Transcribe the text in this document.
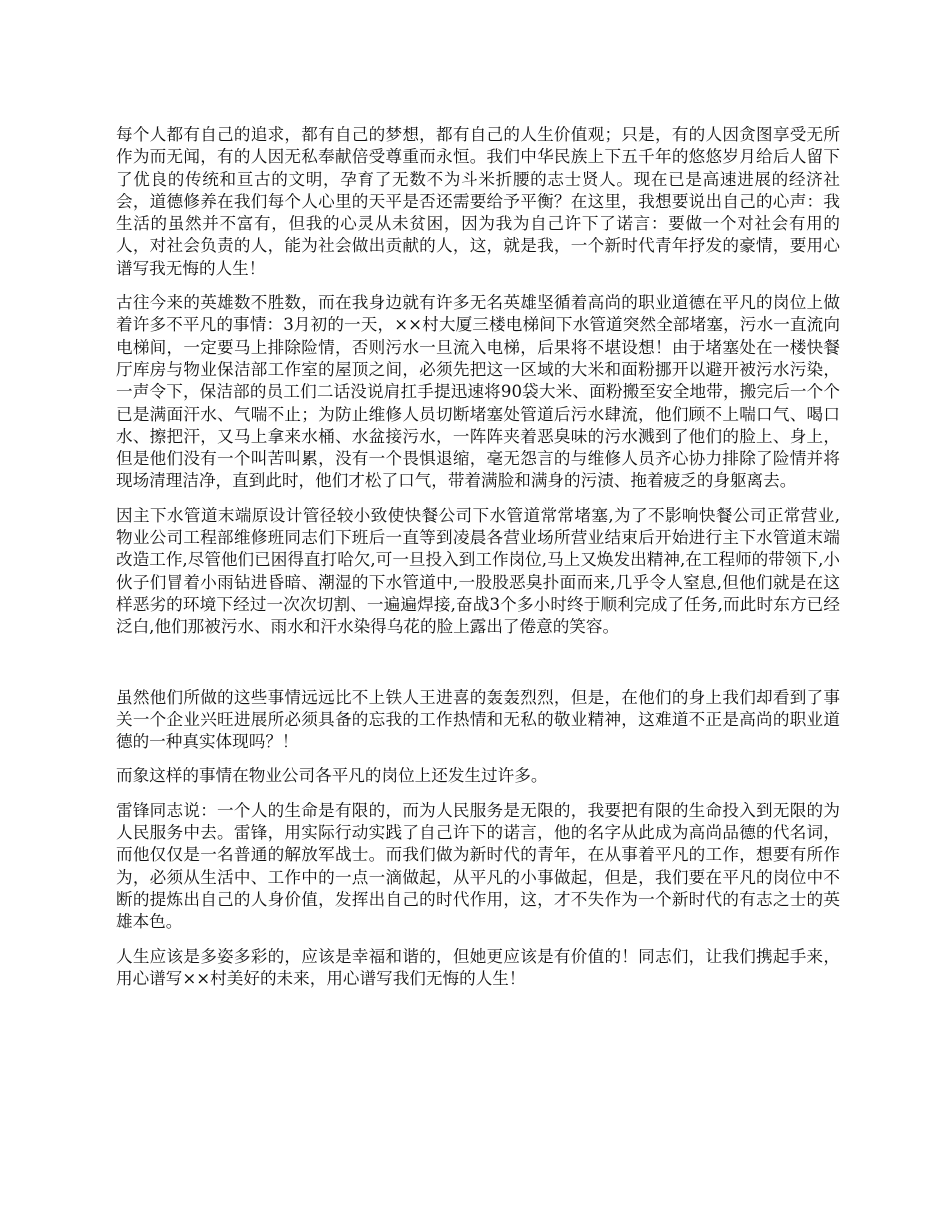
每个人都有自己的追求，都有自己的梦想，都有自己的人生价值观；只是，有的人因贪图享受无所作为而无闻，有的人因无私奉献倍受尊重而永恒。我们中华民族上下五千年的悠悠岁月给后人留下了优良的传统和亘古的文明，孕育了无数不为斗米折腰的志士贤人。现在已是高速进展的经济社会，道德修养在我们每个人心里的天平是否还需要给予平衡？在这里，我想要说出自己的心声：我生活的虽然并不富有，但我的心灵从未贫困，因为我为自己许下了诺言：要做一个对社会有用的人，对社会负责的人，能为社会做出贡献的人，这，就是我，一个新时代青年抒发的豪情，要用心谱写我无悔的人生！

古往今来的英雄数不胜数，而在我身边就有许多无名英雄坚循着高尚的职业道德在平凡的岗位上做着许多不平凡的事情：3月初的一天，××村大厦三楼电梯间下水管道突然全部堵塞，污水一直流向电梯间，一定要马上排除险情，否则污水一旦流入电梯，后果将不堪设想！由于堵塞处在一楼快餐厅库房与物业保洁部工作室的屋顶之间，必须先把这一区域的大米和面粉挪开以避开被污水污染，一声令下，保洁部的员工们二话没说肩扛手提迅速将90袋大米、面粉搬至安全地带，搬完后一个个已是满面汗水、气喘不止；为防止维修人员切断堵塞处管道后污水肆流，他们顾不上喘口气、喝口水、擦把汗，又马上拿来水桶、水盆接污水，一阵阵夹着恶臭味的污水溅到了他们的脸上、身上，但是他们没有一个叫苦叫累，没有一个畏惧退缩，毫无怨言的与维修人员齐心协力排除了险情并将现场清理洁净，直到此时，他们才松了口气，带着满脸和满身的污渍、拖着疲乏的身躯离去。

因主下水管道末端原设计管径较小致使快餐公司下水管道常常堵塞,为了不影响快餐公司正常营业,物业公司工程部维修班同志们下班后一直等到凌晨各营业场所营业结束后开始进行主下水管道末端改造工作,尽管他们已困得直打哈欠,可一旦投入到工作岗位,马上又焕发出精神,在工程师的带领下,小伙子们冒着小雨钻进昏暗、潮湿的下水管道中,一股股恶臭扑面而来,几乎令人窒息,但他们就是在这样恶劣的环境下经过一次次切割、一遍遍焊接,奋战3个多小时终于顺利完成了任务,而此时东方已经泛白,他们那被污水、雨水和汗水染得乌花的脸上露出了倦意的笑容。

虽然他们所做的这些事情远远比不上铁人王进喜的轰轰烈烈，但是，在他们的身上我们却看到了事关一个企业兴旺进展所必须具备的忘我的工作热情和无私的敬业精神，这难道不正是高尚的职业道德的一种真实体现吗？！

而象这样的事情在物业公司各平凡的岗位上还发生过许多。

雷锋同志说：一个人的生命是有限的，而为人民服务是无限的，我要把有限的生命投入到无限的为人民服务中去。雷锋，用实际行动实践了自己许下的诺言，他的名字从此成为高尚品德的代名词，而他仅仅是一名普通的解放军战士。而我们做为新时代的青年，在从事着平凡的工作，想要有所作为，必须从生活中、工作中的一点一滴做起，从平凡的小事做起，但是，我们要在平凡的岗位中不断的提炼出自己的人身价值，发挥出自己的时代作用，这，才不失作为一个新时代的有志之士的英雄本色。

人生应该是多姿多彩的，应该是幸福和谐的，但她更应该是有价值的！同志们，让我们携起手来，用心谱写××村美好的未来，用心谱写我们无悔的人生！
